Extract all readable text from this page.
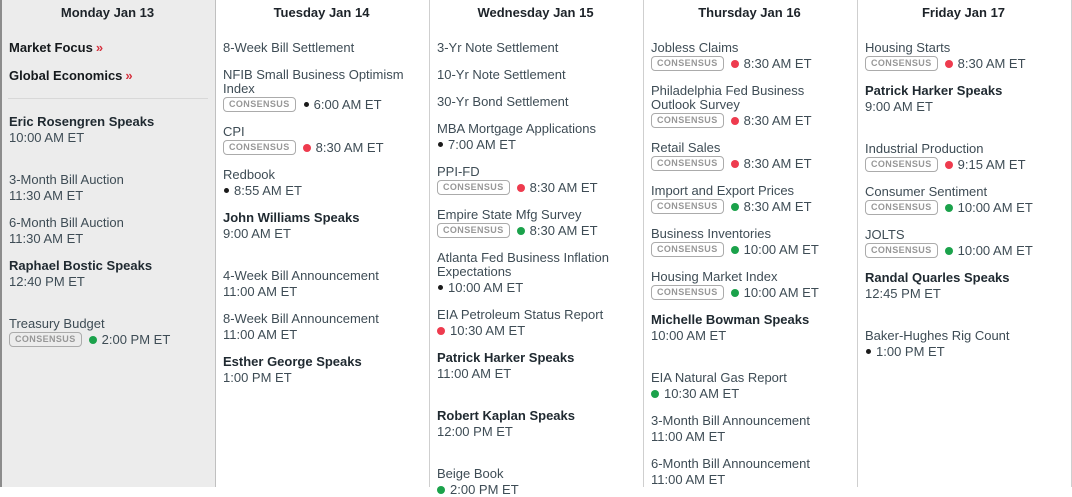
Monday Jan 13
Market Focus »
Global Economics »
Eric Rosengren Speaks
10:00 AM ET
3-Month Bill Auction
11:30 AM ET
6-Month Bill Auction
11:30 AM ET
Raphael Bostic Speaks
12:40 PM ET
Treasury Budget
CONSENSUS	2:00 PM ET
Tuesday Jan 14
8-Week Bill Settlement
NFIB Small Business Optimism Index
CONSENSUS	6:00 AM ET
CPI
CONSENSUS	8:30 AM ET
Redbook
8:55 AM ET
John Williams Speaks
9:00 AM ET
4-Week Bill Announcement
11:00 AM ET
8-Week Bill Announcement
11:00 AM ET
Esther George Speaks
1:00 PM ET
Wednesday Jan 15
3-Yr Note Settlement
10-Yr Note Settlement
30-Yr Bond Settlement
MBA Mortgage Applications
7:00 AM ET
PPI-FD
CONSENSUS	8:30 AM ET
Empire State Mfg Survey
CONSENSUS	8:30 AM ET
Atlanta Fed Business Inflation Expectations
10:00 AM ET
EIA Petroleum Status Report
10:30 AM ET
Patrick Harker Speaks
11:00 AM ET
Robert Kaplan Speaks
12:00 PM ET
Beige Book
2:00 PM ET
Thursday Jan 16
Jobless Claims
CONSENSUS	8:30 AM ET
Philadelphia Fed Business Outlook Survey
CONSENSUS	8:30 AM ET
Retail Sales
CONSENSUS	8:30 AM ET
Import and Export Prices
CONSENSUS	8:30 AM ET
Business Inventories
CONSENSUS	10:00 AM ET
Housing Market Index
CONSENSUS	10:00 AM ET
Michelle Bowman Speaks
10:00 AM ET
EIA Natural Gas Report
10:30 AM ET
3-Month Bill Announcement
11:00 AM ET
6-Month Bill Announcement
11:00 AM ET
Friday Jan 17
Housing Starts
CONSENSUS	8:30 AM ET
Patrick Harker Speaks
9:00 AM ET
Industrial Production
CONSENSUS	9:15 AM ET
Consumer Sentiment
CONSENSUS	10:00 AM ET
JOLTS
CONSENSUS	10:00 AM ET
Randal Quarles Speaks
12:45 PM ET
Baker-Hughes Rig Count
1:00 PM ET
